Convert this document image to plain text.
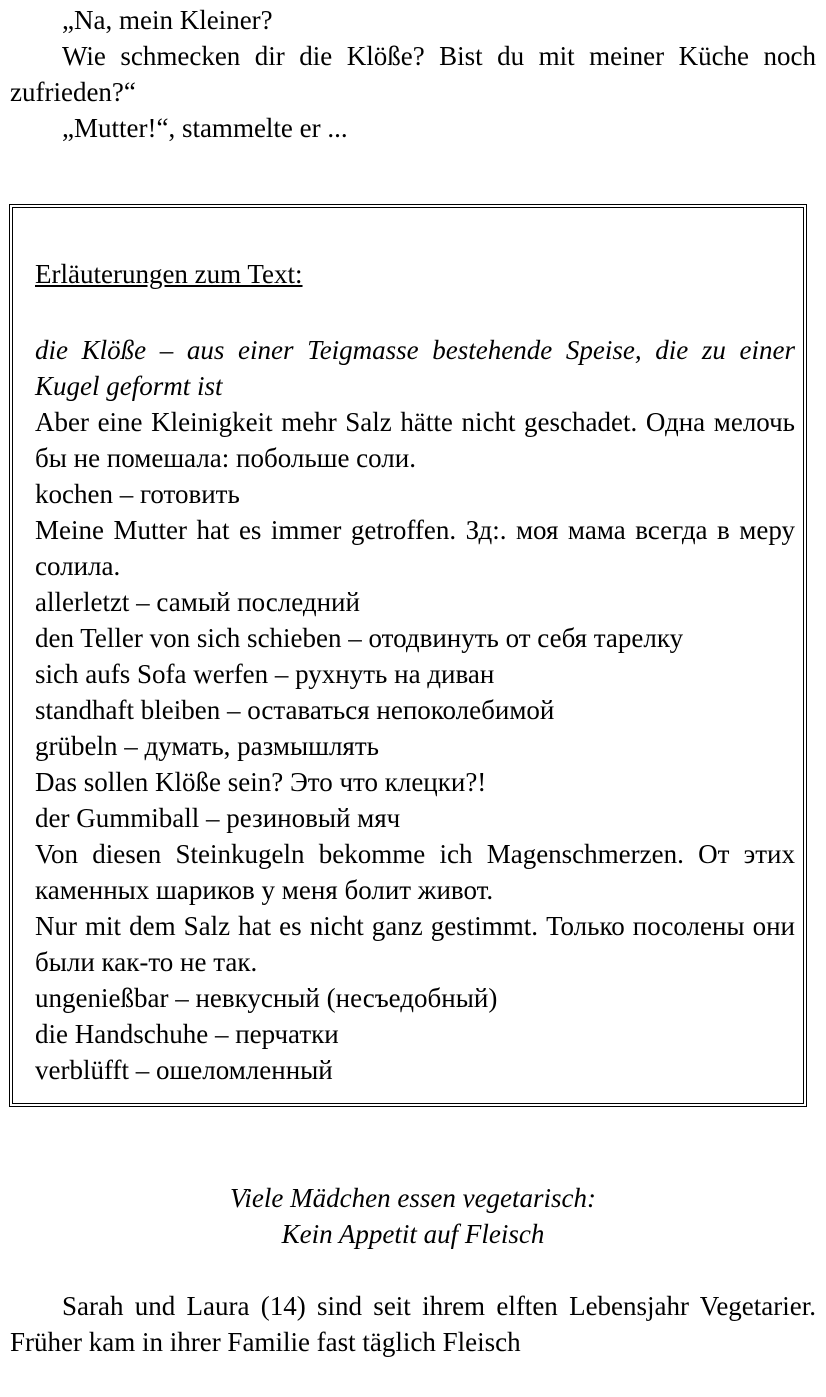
„Na, mein Kleiner?

Wie schmecken dir die Klöße? Bist du mit meiner Küche noch zufrieden?“

„Mutter!“, stammelte er ...

Erläuterungen zum Text:

die Klöße – aus einer Teigmasse bestehende Speise, die zu einer Kugel geformt ist

Aber eine Kleinigkeit mehr Salz hätte nicht geschadet. Одна мелочь бы не помешала: побольше соли.

kochen – готовить

Meine Mutter hat es immer getroffen. Зд:. моя мама всегда в меру солила.

allerletzt – самый последний

den Teller von sich schieben – отодвинуть от себя тарелку

sich aufs Sofa werfen – рухнуть на диван

standhaft bleiben – оставаться непоколебимой

grübeln – думать, размышлять

Das sollen Klöße sein? Это что клецки?!

der Gummiball – резиновый мяч

Von diesen Steinkugeln bekomme ich Magenschmerzen. От этих каменных шариков у меня болит живот.

Nur mit dem Salz hat es nicht ganz gestimmt. Только посолены они были как-то не так.

ungenießbar – невкусный (несъедобный)

die Handschuhe – перчатки

verblüfft – ошеломленный

Viele Mädchen essen vegetarisch:

Kein Appetit auf Fleisch

Sarah und Laura (14) sind seit ihrem elften Lebensjahr Vegetarier. Früher kam in ihrer Familie fast täglich Fleisch
